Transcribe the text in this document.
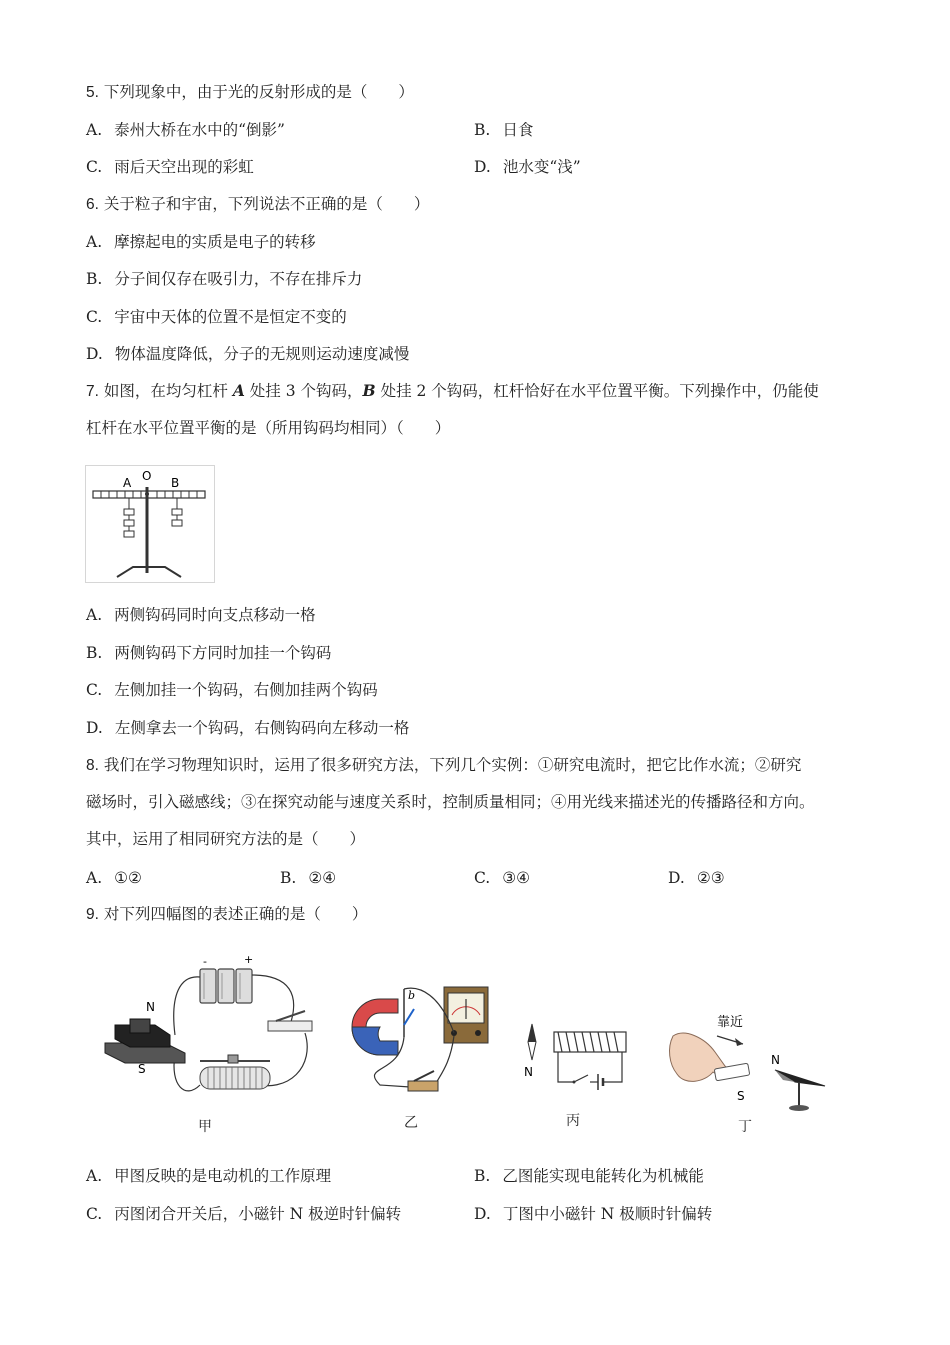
5. 下列现象中，由于光的反射形成的是（　　）
A. 泰州大桥在水中的“倒影”	B. 日食
C. 雨后天空出现的彩虹	D. 池水变“浅”
6. 关于粒子和宇宙，下列说法不正确的是（　　）
A. 摩擦起电的实质是电子的转移
B. 分子间仅存在吸引力，不存在排斥力
C. 宇宙中天体的位置不是恒定不变的
D. 物体温度降低，分子的无规则运动速度减慢
7. 如图，在均匀杠杆 A 处挂 3 个钩码，B 处挂 2 个钩码，杠杆恰好在水平位置平衡。下列操作中，仍能使
杠杆在水平位置平衡的是（所用钩码均相同）（　　）
A O B
A. 两侧钩码同时向支点移动一格
B. 两侧钩码下方同时加挂一个钩码
C. 左侧加挂一个钩码，右侧加挂两个钩码
D. 左侧拿去一个钩码，右侧钩码向左移动一格
8. 我们在学习物理知识时，运用了很多研究方法，下列几个实例：①研究电流时，把它比作水流；②研究
磁场时，引入磁感线；③在探究动能与速度关系时，控制质量相同；④用光线来描述光的传播路径和方向。
其中，运用了相同研究方法的是（　　）
A. ①②	B. ②④	C. ③④	D. ②③
9. 对下列四幅图的表述正确的是（　　）
-	+
N
S
甲
b
乙
N
丙
靠近
S
N
丁
A. 甲图反映的是电动机的工作原理	B. 乙图能实现电能转化为机械能
C. 丙图闭合开关后，小磁针 N 极逆时针偏转	D. 丁图中小磁针 N 极顺时针偏转
